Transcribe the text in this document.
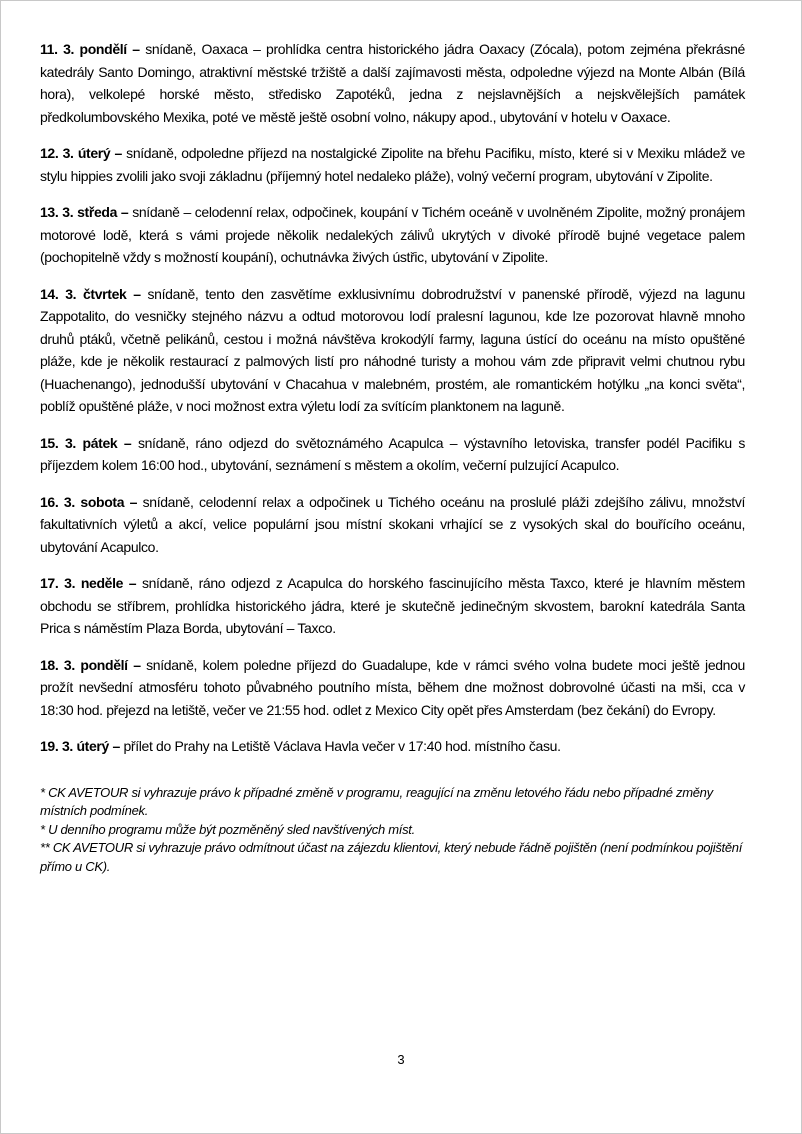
11. 3. pondělí – snídaně, Oaxaca – prohlídka centra historického jádra Oaxacy (Zócala), potom zejména překrásné katedrály Santo Domingo, atraktivní městské tržiště a další zajímavosti města, odpoledne výjezd na Monte Albán (Bílá hora), velkolepé horské město, středisko Zapotéků, jedna z nejslavnějších a nejskvělejších památek předkolumbovského Mexika, poté ve městě ještě osobní volno, nákupy apod., ubytování v hotelu v Oaxace.

12. 3. úterý – snídaně, odpoledne příjezd na nostalgické Zipolite na břehu Pacifiku, místo, které si v Mexiku mládež ve stylu hippies zvolili jako svoji základnu (příjemný hotel nedaleko pláže), volný večerní program, ubytování v Zipolite.

13. 3. středa – snídaně – celodenní relax, odpočinek, koupání v Tichém oceáně v uvolněném Zipolite, možný pronájem motorové lodě, která s vámi projede několik nedalekých zálivů ukrytých v divoké přírodě bujné vegetace palem (pochopitelně vždy s možností koupání), ochutnávka živých ústřic, ubytování v Zipolite.

14. 3. čtvrtek – snídaně, tento den zasvětíme exklusivnímu dobrodružství v panenské přírodě, výjezd na lagunu Zappotalito, do vesničky stejného názvu a odtud motorovou lodí pralesní lagunou, kde lze pozorovat hlavně mnoho druhů ptáků, včetně pelikánů, cestou i možná návštěva krokodýlí farmy, laguna ústící do oceánu na místo opuštěné pláže, kde je několik restaurací z palmových listí pro náhodné turisty a mohou vám zde připravit velmi chutnou rybu (Huachenango), jednodušší ubytování v Chacahua v malebném, prostém, ale romantickém hotýlku „na konci světa“, poblíž opuštěné pláže, v noci možnost extra výletu lodí za svítícím planktonem na laguně.

15. 3. pátek – snídaně, ráno odjezd do světoznámého Acapulca – výstavního letoviska, transfer podél Pacifiku s příjezdem kolem 16:00 hod., ubytování, seznámení s městem a okolím, večerní pulzující Acapulco.

16. 3. sobota – snídaně, celodenní relax a odpočinek u Tichého oceánu na proslulé pláži zdejšího zálivu, množství fakultativních výletů a akcí, velice populární jsou místní skokani vrhající se z vysokých skal do bouřícího oceánu, ubytování Acapulco.

17. 3. neděle – snídaně, ráno odjezd z Acapulca do horského fascinujícího města Taxco, které je hlavním městem obchodu se stříbrem, prohlídka historického jádra, které je skutečně jedinečným skvostem, barokní katedrála Santa Prica s náměstím Plaza Borda, ubytování – Taxco.

18. 3. pondělí – snídaně, kolem poledne příjezd do Guadalupe, kde v rámci svého volna budete moci ještě jednou prožít nevšední atmosféru tohoto půvabného poutního místa, během dne možnost dobrovolné účasti na mši, cca v 18:30 hod. přejezd na letiště, večer ve 21:55 hod. odlet z Mexico City opět přes Amsterdam (bez čekání) do Evropy.

19. 3. úterý – přílet do Prahy na Letiště Václava Havla večer v 17:40 hod. místního času.

* CK AVETOUR si vyhrazuje právo k případné změně v programu, reagující na změnu letového řádu nebo případné změny místních podmínek.

* U denního programu může být pozměněný sled navštívených míst.

** CK AVETOUR si vyhrazuje právo odmítnout účast na zájezdu klientovi, který nebude řádně pojištěn (není podmínkou pojištění přímo u CK).

3
